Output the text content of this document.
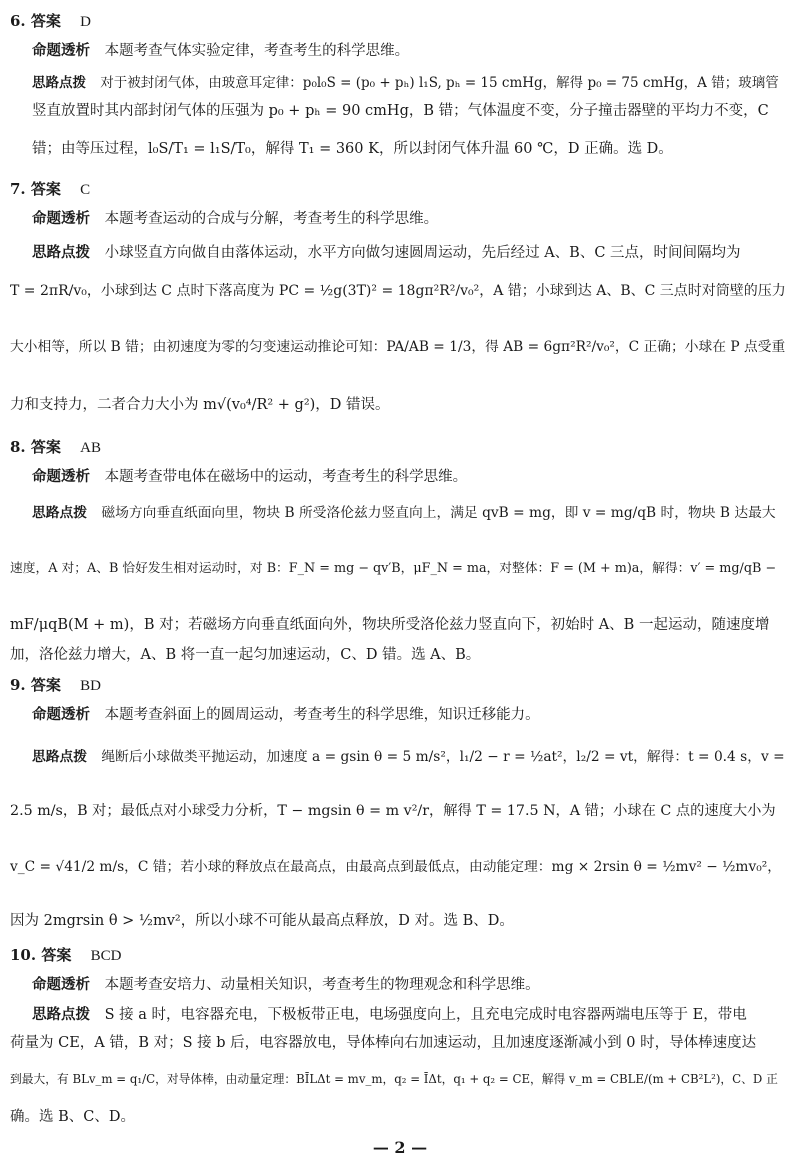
6. 答案 D
命题透析 本题考查气体实验定律，考查考生的科学思维。
思路点拨 对于被封闭气体，由玻意耳定律：p₀l₀S = (p₀ + pₕ) l₁S, pₕ = 15 cmHg，解得 p₀ = 75 cmHg，A 错；玻璃管
竖直放置时其内部封闭气体的压强为 p₀ + pₕ = 90 cmHg，B 错；气体温度不变，分子撞击器壁的平均力不变，C
错；由等压过程，l₀S/T₁ = l₁S/T₀，解得 T₁ = 360 K，所以封闭气体升温 60 ℃，D 正确。选 D。
7. 答案 C
命题透析 本题考查运动的合成与分解，考查考生的科学思维。
思路点拨 小球竖直方向做自由落体运动，水平方向做匀速圆周运动，先后经过 A、B、C 三点，时间间隔均为
T = 2πR/v₀，小球到达 C 点时下落高度为 PC = ½g(3T)² = 18gπ²R²/v₀²，A 错；小球到达 A、B、C 三点时对筒壁的压力
大小相等，所以 B 错；由初速度为零的匀变速运动推论可知：PA/AB = 1/3，得 AB = 6gπ²R²/v₀²，C 正确；小球在 P 点受重
力和支持力，二者合力大小为 m√(v₀⁴/R² + g²)，D 错误。
8. 答案 AB
命题透析 本题考查带电体在磁场中的运动，考查考生的科学思维。
思路点拨 磁场方向垂直纸面向里，物块 B 所受洛伦兹力竖直向上，满足 qvB = mg，即 v = mg/qB 时，物块 B 达最大
速度，A 对；A、B 恰好发生相对运动时，对 B：F_N = mg − qv′B，μF_N = ma，对整体：F = (M + m)a，解得：v′ = mg/qB −
mF/μqB(M + m)，B 对；若磁场方向垂直纸面向外，物块所受洛伦兹力竖直向下，初始时 A、B 一起运动，随速度增
加，洛伦兹力增大，A、B 将一直一起匀加速运动，C、D 错。选 A、B。
9. 答案 BD
命题透析 本题考查斜面上的圆周运动，考查考生的科学思维，知识迁移能力。
思路点拨 绳断后小球做类平抛运动，加速度 a = gsin θ = 5 m/s²，l₁/2 − r = ½at²，l₂/2 = vt，解得：t = 0.4 s，v =
2.5 m/s，B 对；最低点对小球受力分析，T − mgsin θ = m v²/r，解得 T = 17.5 N，A 错；小球在 C 点的速度大小为
v_C = √41/2 m/s，C 错；若小球的释放点在最高点，由最高点到最低点，由动能定理：mg × 2rsin θ = ½mv² − ½mv₀²，
因为 2mgrsin θ > ½mv²，所以小球不可能从最高点释放，D 对。选 B、D。
10. 答案 BCD
命题透析 本题考查安培力、动量相关知识，考查考生的物理观念和科学思维。
思路点拨 S 接 a 时，电容器充电，下极板带正电，电场强度向上，且充电完成时电容器两端电压等于 E，带电
荷量为 CE，A 错，B 对；S 接 b 后，电容器放电，导体棒向右加速运动，且加速度逐渐减小到 0 时，导体棒速度达
到最大，有 BLv_m = q₁/C，对导体棒，由动量定理：BĪLΔt = mv_m，q₂ = ĪΔt，q₁ + q₂ = CE，解得 v_m = CBLE/(m + CB²L²)，C、D 正
确。选 B、C、D。
— 2 —
